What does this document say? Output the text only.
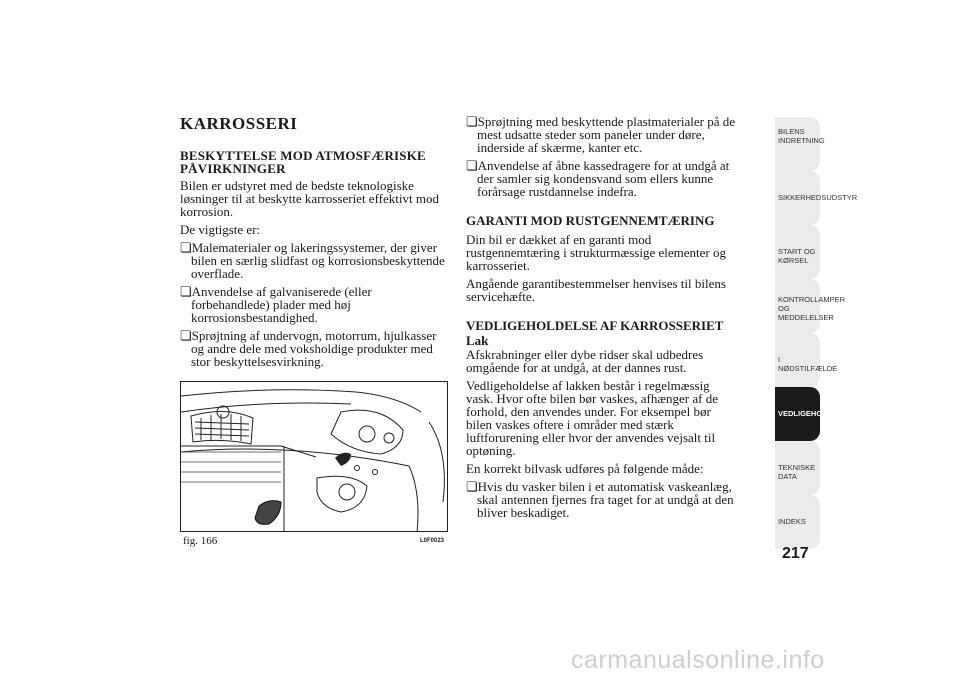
KARROSSERI
BESKYTTELSE MOD ATMOSFÆRISKE PÅVIRKNINGER

Bilen er udstyret med de bedste teknologiske løsninger til at beskytte karrosseriet effektivt mod korrosion.

De vigtigste er:

❏ Malematerialer og lakeringssystemer, der giver bilen en særlig slidfast og korrosionsbeskyttende overflade.
❏ Anvendelse af galvaniserede (eller forbehandlede) plader med høj korrosionsbestandighed.
❏ Sprøjtning af undervogn, motorrum, hjulkasser og andre dele med voksholdige produkter med stor beskyttelsesvirkning.
fig. 166	L0F0023
❏ Sprøjtning med beskyttende plastmaterialer på de mest udsatte steder som paneler under døre, inderside af skærme, kanter etc.
❏ Anvendelse af åbne kassedragere for at undgå at der samler sig kondensvand som ellers kunne forårsage rustdannelse indefra.
GARANTI MOD RUSTGENNEMTÆRING

Din bil er dækket af en garanti mod rustgennemtæring i strukturmæssige elementer og karrosseriet.

Angående garantibestemmelser henvises til bilens servicehæfte.

VEDLIGEHOLDELSE AF KARROSSERIET
Lak

Afskrabninger eller dybe ridser skal udbedres omgående for at undgå, at der dannes rust.

Vedligeholdelse af lakken består i regelmæssig vask. Hvor ofte bilen bør vaskes, afhænger af de forhold, den anvendes under. For eksempel bør bilen vaskes oftere i områder med stærk luftforurening eller hvor der anvendes vejsalt til optøning.

En korrekt bilvask udføres på følgende måde:

❏ Hvis du vasker bilen i et automatisk vaskeanlæg, skal antennen fjernes fra taget for at undgå at den bliver beskadiget.
BILENS INDRETNING
SIKKERHEDSUDSTYR
START OG KØRSEL
KONTROLLAMPER OG MEDDELELSER
I NØDSTILFÆLDE
VEDLIGEHOLDELSE
TEKNISKE DATA
INDEKS
217
carmanualsonline.info
